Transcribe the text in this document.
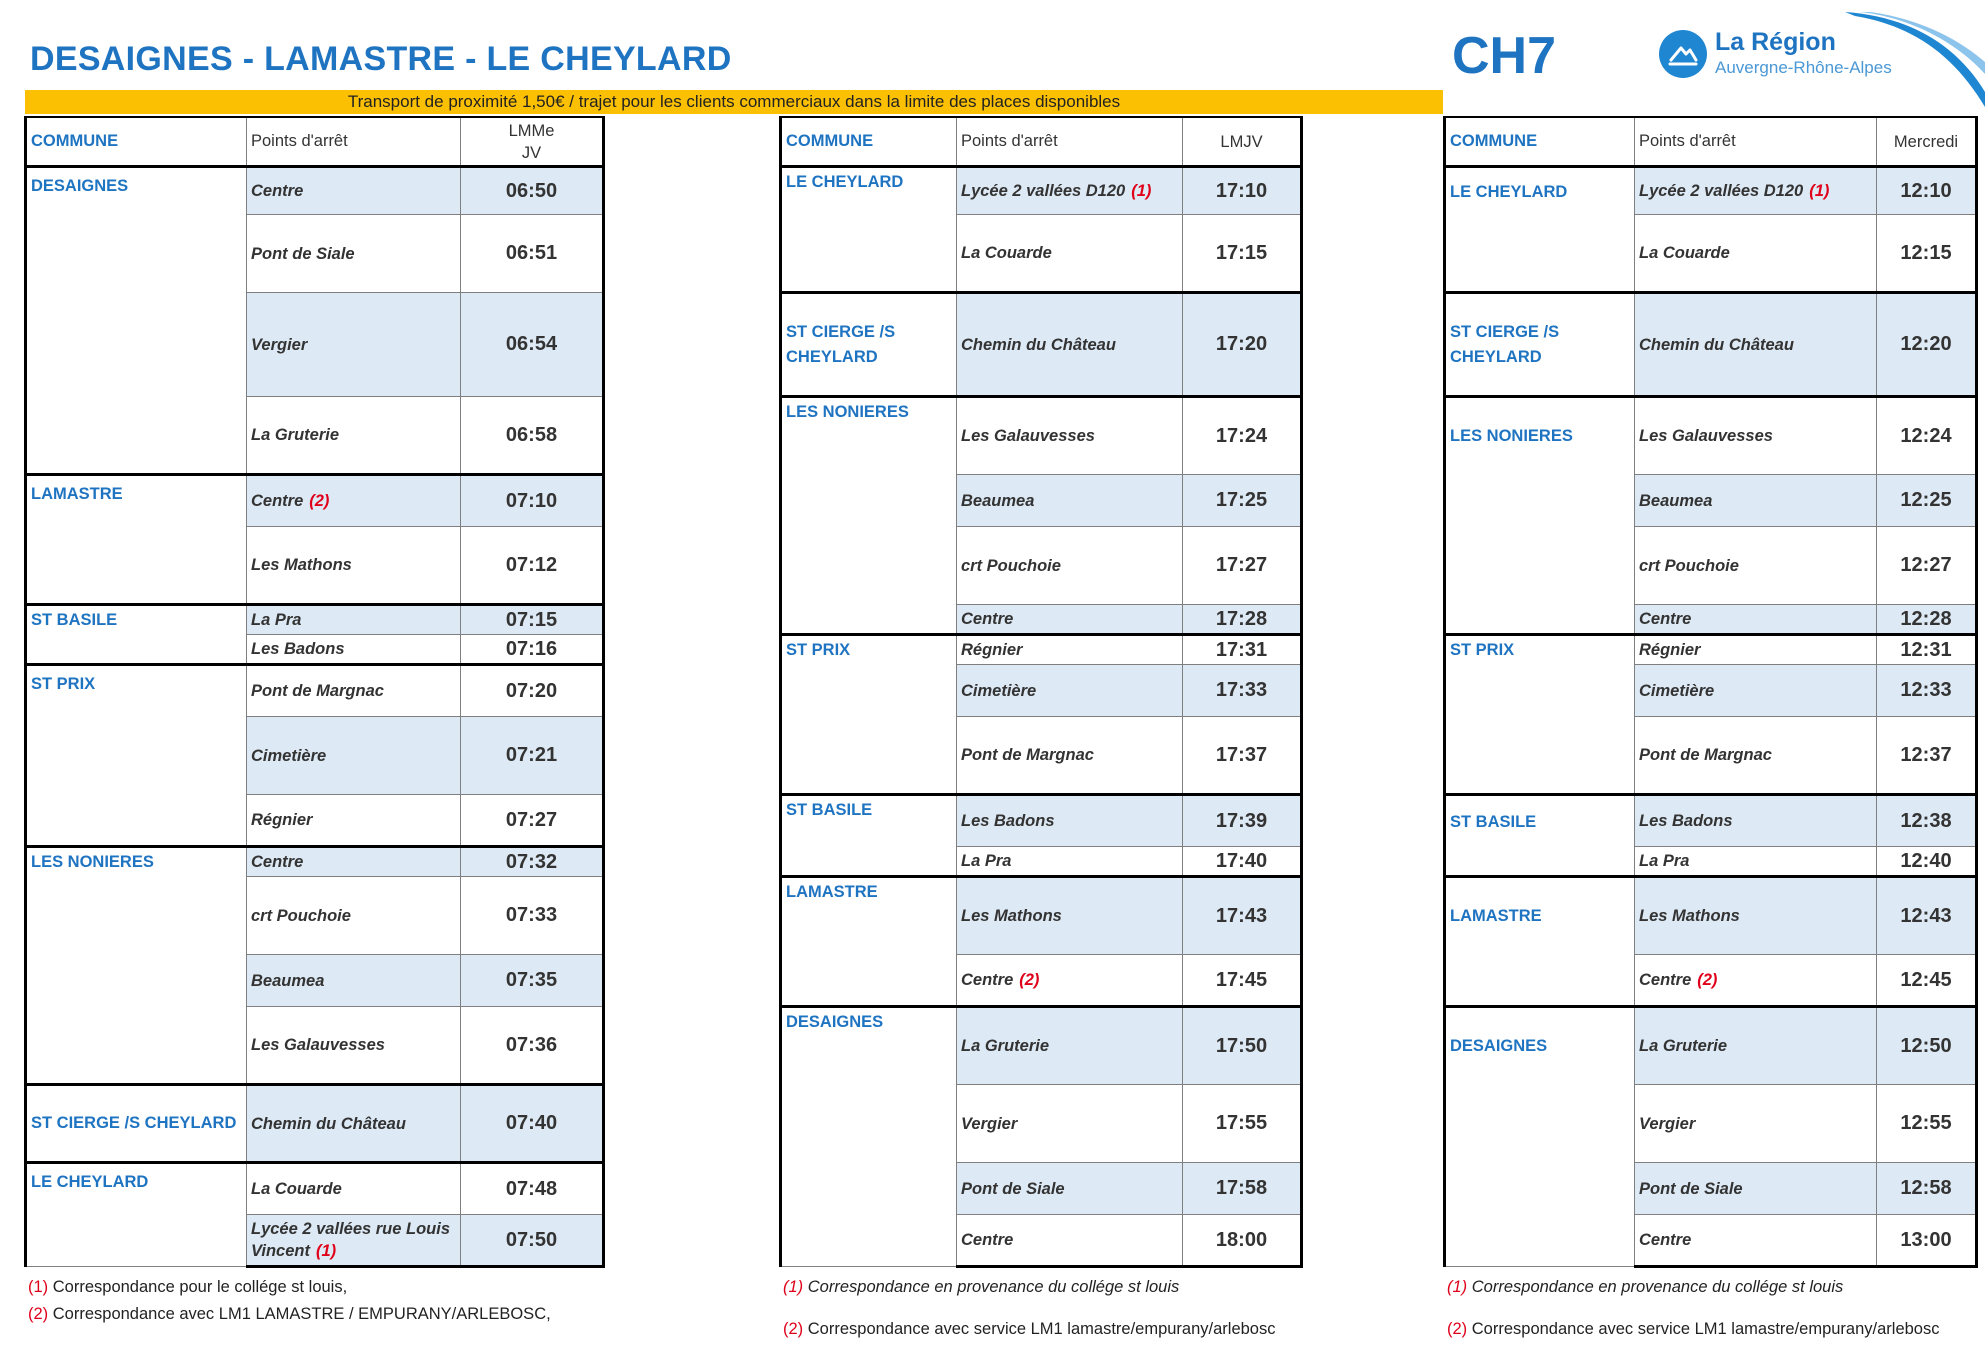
DESAIGNES - LAMASTRE - LE CHEYLARD	CH7	La Région
Auvergne-Rhône-Alpes
Transport de proximité 1,50€ / trajet pour les clients commerciaux dans la limite des places disponibles
COMMUNE	Points d'arrêt	LMMe
JV
DESAIGNES	Centre	06:50
	Pont de Siale	06:51
	Vergier	06:54
	La Gruterie	06:58
LAMASTRE	Centre (2)	07:10
	Les Mathons	07:12
ST BASILE	La Pra	07:15
	Les Badons	07:16
ST PRIX	Pont de Margnac	07:20
	Cimetière	07:21
	Régnier	07:27
LES NONIERES	Centre	07:32
	crt Pouchoie	07:33
	Beaumea	07:35
	Les Galauvesses	07:36
ST CIERGE /S CHEYLARD	Chemin du Château	07:40
LE CHEYLARD	La Couarde	07:48
	Lycée 2 vallées rue Louis Vincent (1)	07:50
COMMUNE	Points d'arrêt	LMJV
LE CHEYLARD	Lycée 2 vallées D120 (1)	17:10
	La Couarde	17:15
ST CIERGE /S CHEYLARD	Chemin du Château	17:20
LES NONIERES	Les Galauvesses	17:24
	Beaumea	17:25
	crt Pouchoie	17:27
	Centre	17:28
ST PRIX	Régnier	17:31
	Cimetière	17:33
	Pont de Margnac	17:37
ST BASILE	Les Badons	17:39
	La Pra	17:40
LAMASTRE	Les Mathons	17:43
	Centre (2)	17:45
DESAIGNES	La Gruterie	17:50
	Vergier	17:55
	Pont de Siale	17:58
	Centre	18:00
COMMUNE	Points d'arrêt	Mercredi
LE CHEYLARD	Lycée 2 vallées D120 (1)	12:10
	La Couarde	12:15
ST CIERGE /S CHEYLARD	Chemin du Château	12:20
LES NONIERES	Les Galauvesses	12:24
	Beaumea	12:25
	crt Pouchoie	12:27
	Centre	12:28
ST PRIX	Régnier	12:31
	Cimetière	12:33
	Pont de Margnac	12:37
ST BASILE	Les Badons	12:38
	La Pra	12:40
LAMASTRE	Les Mathons	12:43
	Centre (2)	12:45
DESAIGNES	La Gruterie	12:50
	Vergier	12:55
	Pont de Siale	12:58
	Centre	13:00
(1) Correspondance pour le collége st louis,
(2) Correspondance avec LM1 LAMASTRE / EMPURANY/ARLEBOSC,
(1) Correspondance en provenance du collége st louis
(2) Correspondance avec service LM1 lamastre/empurany/arlebosc
(1) Correspondance en provenance du collége st louis
(2) Correspondance avec service LM1 lamastre/empurany/arlebosc
